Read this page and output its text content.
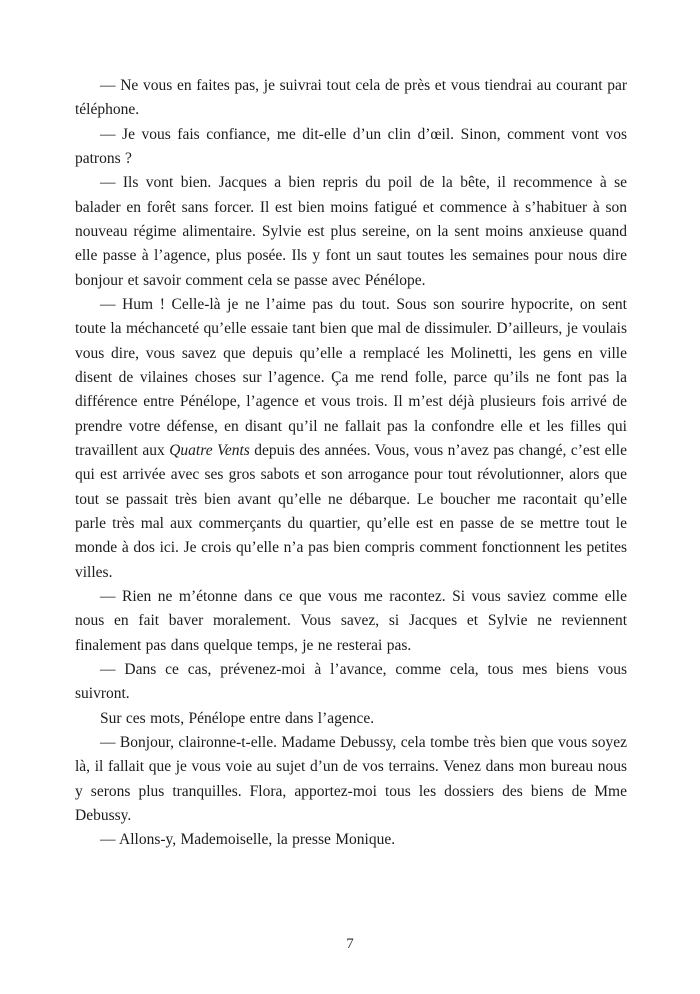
— Ne vous en faites pas, je suivrai tout cela de près et vous tiendrai au courant par téléphone.

— Je vous fais confiance, me dit-elle d’un clin d’œil. Sinon, comment vont vos patrons ?

— Ils vont bien. Jacques a bien repris du poil de la bête, il recommence à se balader en forêt sans forcer. Il est bien moins fatigué et commence à s’habituer à son nouveau régime alimentaire. Sylvie est plus sereine, on la sent moins anxieuse quand elle passe à l’agence, plus posée. Ils y font un saut toutes les semaines pour nous dire bonjour et savoir comment cela se passe avec Pénélope.

— Hum ! Celle-là je ne l’aime pas du tout. Sous son sourire hypocrite, on sent toute la méchanceté qu’elle essaie tant bien que mal de dissimuler. D’ailleurs, je voulais vous dire, vous savez que depuis qu’elle a remplacé les Molinetti, les gens en ville disent de vilaines choses sur l’agence. Ça me rend folle, parce qu’ils ne font pas la différence entre Pénélope, l’agence et vous trois. Il m’est déjà plusieurs fois arrivé de prendre votre défense, en disant qu’il ne fallait pas la confondre elle et les filles qui travaillent aux Quatre Vents depuis des années. Vous, vous n’avez pas changé, c’est elle qui est arrivée avec ses gros sabots et son arrogance pour tout révolutionner, alors que tout se passait très bien avant qu’elle ne débarque. Le boucher me racontait qu’elle parle très mal aux commerçants du quartier, qu’elle est en passe de se mettre tout le monde à dos ici. Je crois qu’elle n’a pas bien compris comment fonctionnent les petites villes.

— Rien ne m’étonne dans ce que vous me racontez. Si vous saviez comme elle nous en fait baver moralement. Vous savez, si Jacques et Sylvie ne reviennent finalement pas dans quelque temps, je ne resterai pas.

— Dans ce cas, prévenez-moi à l’avance, comme cela, tous mes biens vous suivront.

Sur ces mots, Pénélope entre dans l’agence.

— Bonjour, claironne-t-elle. Madame Debussy, cela tombe très bien que vous soyez là, il fallait que je vous voie au sujet d’un de vos terrains. Venez dans mon bureau nous y serons plus tranquilles. Flora, apportez-moi tous les dossiers des biens de Mme Debussy.

— Allons-y, Mademoiselle, la presse Monique.

7
